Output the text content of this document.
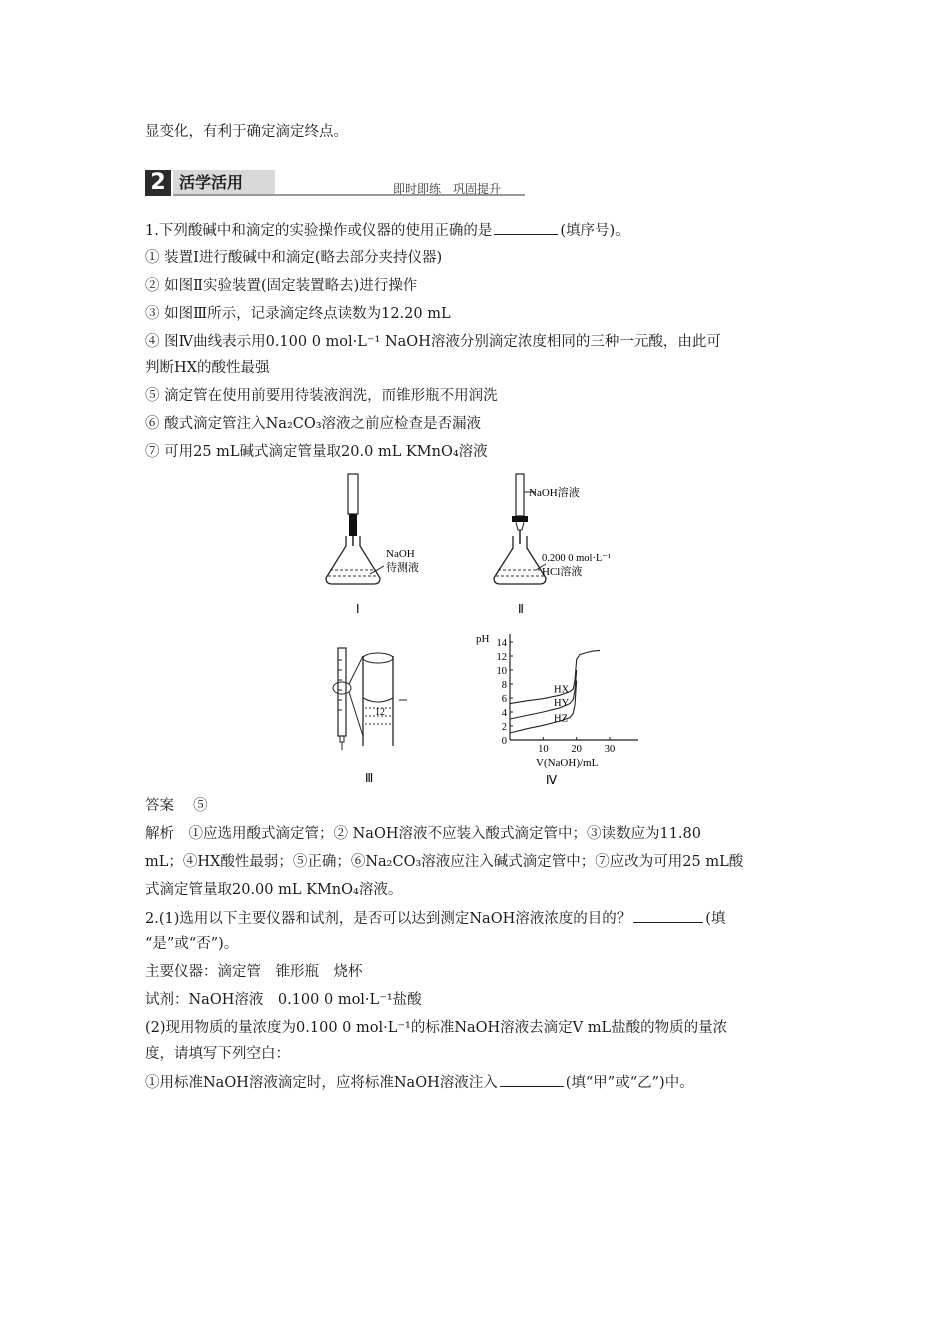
显变化，有利于确定滴定终点。
2 活学活用	即时即练　巩固提升
1.下列酸碱中和滴定的实验操作或仪器的使用正确的是	(填序号)。
① 装置Ⅰ进行酸碱中和滴定(略去部分夹持仪器)
② 如图Ⅱ实验装置(固定装置略去)进行操作
③ 如图Ⅲ所示，记录滴定终点读数为12.20 mL
④ 图Ⅳ曲线表示用0.100 0 mol·L⁻¹ NaOH溶液分别滴定浓度相同的三种一元酸，由此可
判断HX的酸性最强
⑤ 滴定管在使用前要用待装液润洗，而锥形瓶不用润洗
⑥ 酸式滴定管注入Na₂CO₃溶液之前应检查是否漏液
⑦ 可用25 mL碱式滴定管量取20.0 mL KMnO₄溶液
NaOH
待测液
Ⅰ
NaOH溶液
0.200 0 mol·L⁻¹
HCl溶液
Ⅱ
12
Ⅲ
0
2
4
6
8
10
12
14
10 20 30
HX
HY
HZ
pH
V(NaOH)/mL
Ⅳ
答案　 ⑤
解析　 ①应选用酸式滴定管；② NaOH溶液不应装入酸式滴定管中；③读数应为11.80
mL；④HX酸性最弱；⑤正确；⑥Na₂CO₃溶液应注入碱式滴定管中；⑦应改为可用25 mL酸
式滴定管量取20.00 mL KMnO₄溶液。
2.(1)选用以下主要仪器和试剂，是否可以达到测定NaOH溶液浓度的目的？	(填
“是”或“否”)。
主要仪器：滴定管　锥形瓶　烧杯
试剂：NaOH溶液　0.100 0 mol·L⁻¹盐酸
(2)现用物质的量浓度为0.100 0 mol·L⁻¹的标准NaOH溶液去滴定V mL盐酸的物质的量浓
度，请填写下列空白：
①用标准NaOH溶液滴定时，应将标准NaOH溶液注入	(填“甲”或“乙”)中。
